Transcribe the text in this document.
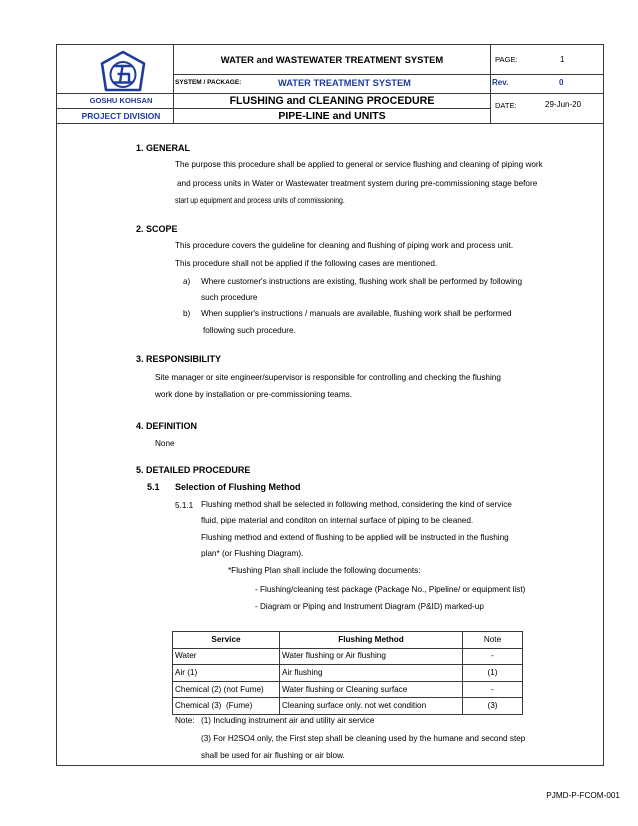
GOSHU KOHSAN
PROJECT DIVISION
WATER and WASTEWATER TREATMENT SYSTEM
SYSTEM / PACKAGE:	WATER TREATMENT SYSTEM
FLUSHING and CLEANING PROCEDURE
PIPE-LINE and UNITS
PAGE:	1
Rev.	0
DATE:	29-Jun-20
1. GENERAL
The purpose this procedure shall be applied to general or service flushing and cleaning of piping work
and process units in Water or Wastewater treatment system during pre-commissioning stage before
start up equipment and process units of commissioning.
2. SCOPE
This procedure covers the guideline for cleaning and flushing of piping work and process unit.
This procedure shall not be applied if the following cases are mentioned.
a) Where customer's instructions are existing, flushing work shall be performed by following
such procedure
b) When supplier's instructions / manuals are available, flushing work shall be performed
following such procedure.
3. RESPONSIBILITY
Site manager or site engineer/supervisor is responsible for controlling and checking the flushing
work done by installation or pre-commissioning teams.
4. DEFINITION
None
5. DETAILED PROCEDURE
5.1 Selection of Flushing Method
5.1.1 Flushing method shall be selected in following method, considering the kind of service
fluid, pipe material and conditon on internal surface of piping to be cleaned.
Flushing method and extend of flushing to be applied will be instructed in the flushing
plan* (or Flushing Diagram).
*Flushing Plan shall include the following documents:
- Flushing/cleaning test package (Package No., Pipeline/ or equipment list)
- Diagram or Piping and Instrument Diagram (P&ID) marked-up
Service	Flushing Method	Note
Water	Water flushing or Air flushing	-
Air (1)	Air flushing	(1)
Chemical (2) (not Fume)	Water flushing or Cleaning surface	-
Chemical (3)  (Fume)	Cleaning surface only. not wet condition	(3)
Note: (1) Including instrument air and utility air service
(3) For H2SO4 only, the First step shall be cleaning used by the humane and second step
shall be used for air flushing or air blow.
PJMD-P-FCOM-001
